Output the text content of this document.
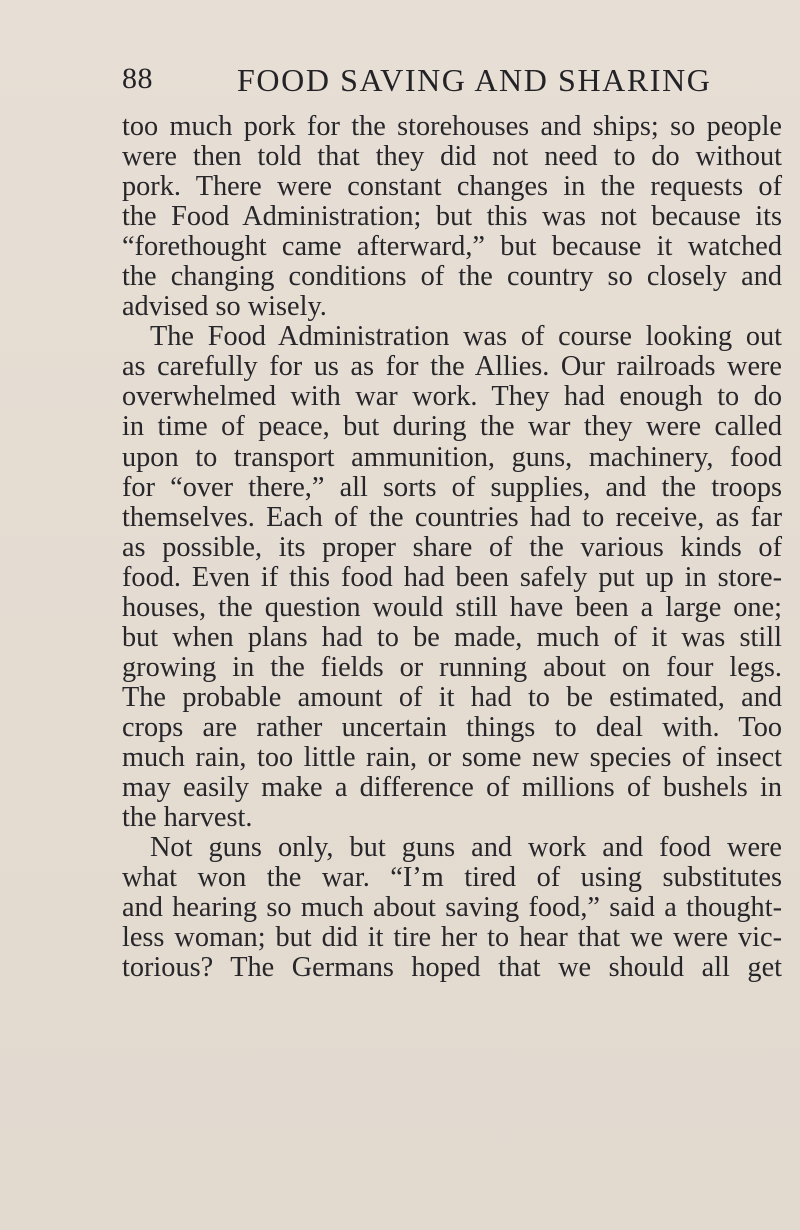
88	FOOD SAVING AND SHARING

too much pork for the storehouses and ships; so people

were then told that they did not need to do without

pork. There were constant changes in the requests of

the Food Administration; but this was not because its

“forethought came afterward,” but because it watched

the changing conditions of the country so closely and

advised so wisely.

The Food Administration was of course looking out

as carefully for us as for the Allies. Our railroads were

overwhelmed with war work. They had enough to do

in time of peace, but during the war they were called

upon to transport ammunition, guns, machinery, food

for “over there,” all sorts of supplies, and the troops

themselves. Each of the countries had to receive, as far

as possible, its proper share of the various kinds of

food. Even if this food had been safely put up in store-

houses, the question would still have been a large one;

but when plans had to be made, much of it was still

growing in the fields or running about on four legs.

The probable amount of it had to be estimated, and

crops are rather uncertain things to deal with. Too

much rain, too little rain, or some new species of insect

may easily make a difference of millions of bushels in

the harvest.

Not guns only, but guns and work and food were

what won the war. “I’m tired of using substitutes

and hearing so much about saving food,” said a thought-

less woman; but did it tire her to hear that we were vic-

torious? The Germans hoped that we should all get
